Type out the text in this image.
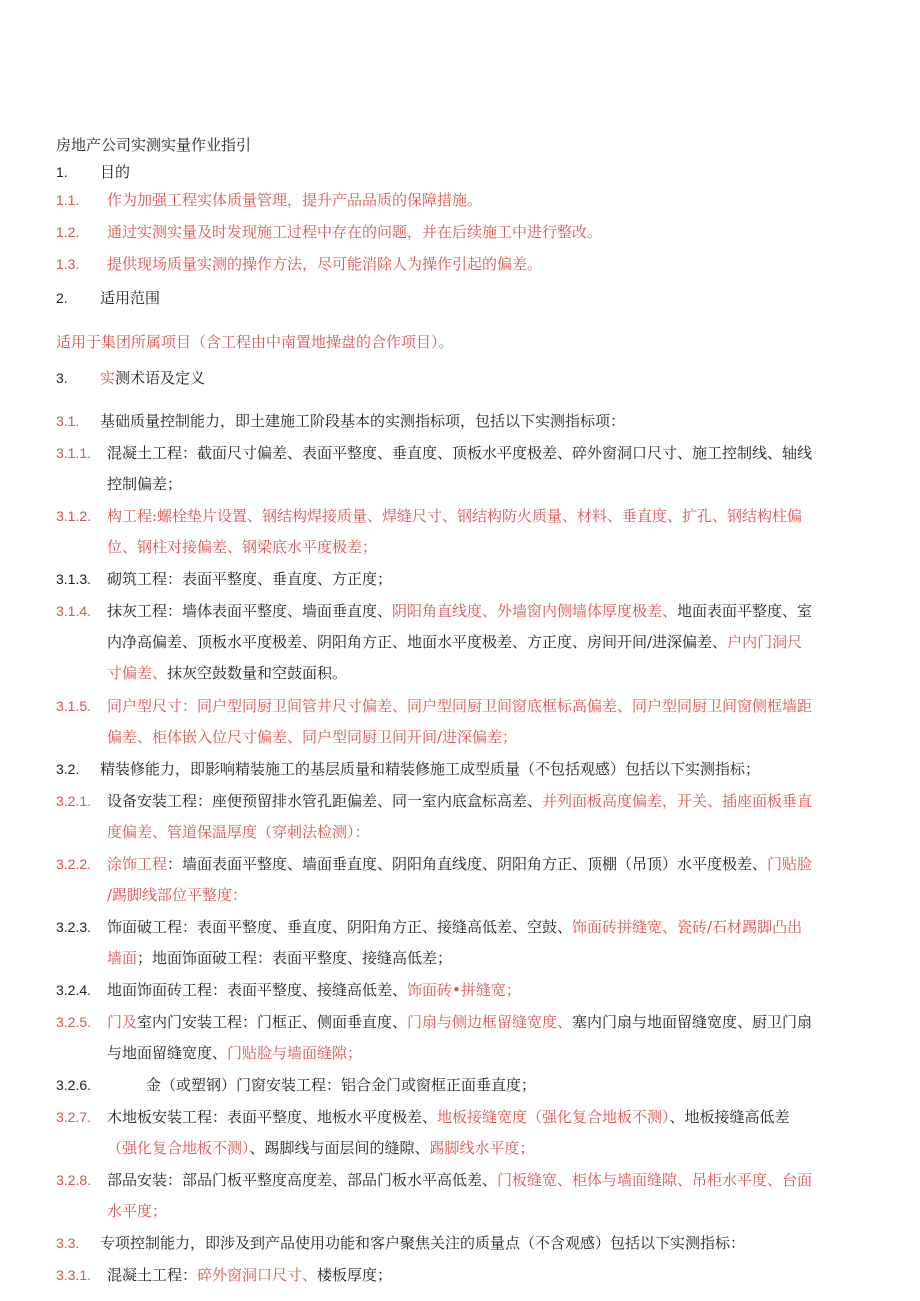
房地产公司实测实量作业指引
1. 目的
1.1. 作为加强工程实体质量管理，提升产品品质的保障措施。
1.2. 通过实测实量及时发现施工过程中存在的问题，并在后续施工中进行整改。
1.3. 提供现场质量实测的操作方法，尽可能消除人为操作引起的偏差。
2. 适用范围
适用于集团所属项目（含工程由中南置地操盘的合作项目）。
3. 实测术语及定义
3.1. 基础质量控制能力，即土建施工阶段基本的实测指标项，包括以下实测指标项：
3.1.1. 混凝土工程：截面尺寸偏差、表面平整度、垂直度、顶板水平度极差、碎外窗洞口尺寸、施工控制线、轴线
控制偏差；
3.1.2. 构工程:螺栓垫片设置、钢结构焊接质量、焊缝尺寸、钢结构防火质量、材料、垂直度、扩孔、钢结构柱偏
位、钢柱对接偏差、钢梁底水平度极差；
3.1.3. 砌筑工程：表面平整度、垂直度、方正度；
3.1.4. 抹灰工程：墙体表面平整度、墙面垂直度、阴阳角直线度、外墙窗内侧墙体厚度极差、地面表面平整度、室
内净高偏差、顶板水平度极差、阴阳角方正、地面水平度极差、方正度、房间开间/进深偏差、户内门洞尺
寸偏差、抹灰空鼓数量和空鼓面积。
3.1.5. 同户型尺寸：同户型同厨卫间管井尺寸偏差、同户型同厨卫间窗底框标高偏差、同户型同厨卫间窗侧框墙距
偏差、柜体嵌入位尺寸偏差、同户型同厨卫间开间/进深偏差；
3.2. 精装修能力，即影响精装施工的基层质量和精装修施工成型质量（不包括观感）包括以下实测指标；
3.2.1. 设备安装工程：座便预留排水管孔距偏差、同一室内底盒标高差、并列面板高度偏差，开关、插座面板垂直
度偏差、管道保温厚度（穿刺法检测）：
3.2.2. 涂饰工程：墙面表面平整度、墙面垂直度、阴阳角直线度、阴阳角方正、顶棚（吊顶）水平度极差、门贴脸
/踢脚线部位平整度：
3.2.3. 饰面破工程：表面平整度、垂直度、阴阳角方正、接缝高低差、空鼓、饰面砖拼缝宽、瓷砖/石材踢脚凸出
墙面；地面饰面破工程：表面平整度、接缝高低差；
3.2.4. 地面饰面砖工程：表面平整度、接缝高低差、饰面砖•拼缝宽；
3.2.5. 门及室内门安装工程：门框正、侧面垂直度、门扇与侧边框留缝宽度、塞内门扇与地面留缝宽度、厨卫门扇
与地面留缝宽度、门贴脸与墙面缝隙；
3.2.6.	金（或塑钢）门窗安装工程：铝合金门或窗框正面垂直度；
3.2.7. 木地板安装工程：表面平整度、地板水平度极差、地板接缝宽度（强化复合地板不测）、地板接缝高低差
（强化复合地板不测）、踢脚线与面层间的缝隙、踢脚线水平度；
3.2.8. 部品安装：部品门板平整度高度差、部品门板水平高低差、门板缝宽、柜体与墙面缝隙、吊柜水平度、台面
水平度；
3.3. 专项控制能力，即涉及到产品使用功能和客户聚焦关注的质量点（不含观感）包括以下实测指标：
3.3.1. 混凝土工程：碎外窗洞口尺寸、楼板厚度；
